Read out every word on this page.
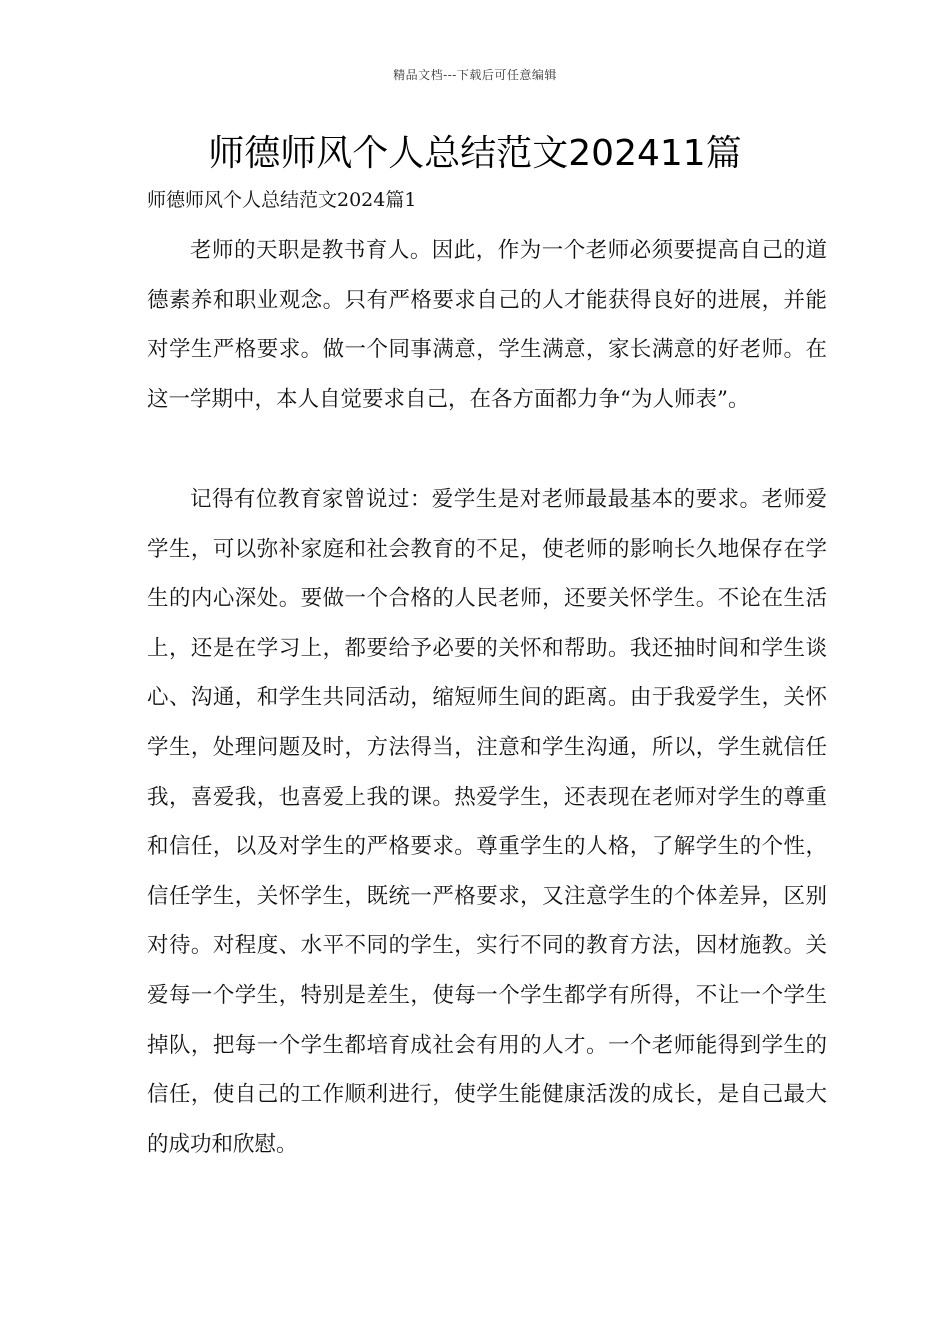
精品文档---下载后可任意编辑
师德师风个人总结范文202411篇
师德师风个人总结范文2024篇1

老师的天职是教书育人。因此，作为一个老师必须要提高自己的道德素养和职业观念。只有严格要求自己的人才能获得良好的进展，并能对学生严格要求。做一个同事满意，学生满意，家长满意的好老师。在这一学期中，本人自觉要求自己，在各方面都力争“为人师表”。

记得有位教育家曾说过：爱学生是对老师最最基本的要求。老师爱学生，可以弥补家庭和社会教育的不足，使老师的影响长久地保存在学生的内心深处。要做一个合格的人民老师，还要关怀学生。不论在生活上，还是在学习上，都要给予必要的关怀和帮助。我还抽时间和学生谈心、沟通，和学生共同活动，缩短师生间的距离。由于我爱学生，关怀学生，处理问题及时，方法得当，注意和学生沟通，所以，学生就信任我，喜爱我，也喜爱上我的课。热爱学生，还表现在老师对学生的尊重和信任，以及对学生的严格要求。尊重学生的人格，了解学生的个性，信任学生，关怀学生，既统一严格要求，又注意学生的个体差异，区别对待。对程度、水平不同的学生，实行不同的教育方法，因材施教。关爱每一个学生，特别是差生，使每一个学生都学有所得，不让一个学生掉队，把每一个学生都培育成社会有用的人才。一个老师能得到学生的信任，使自己的工作顺利进行，使学生能健康活泼的成长，是自己最大的成功和欣慰。
